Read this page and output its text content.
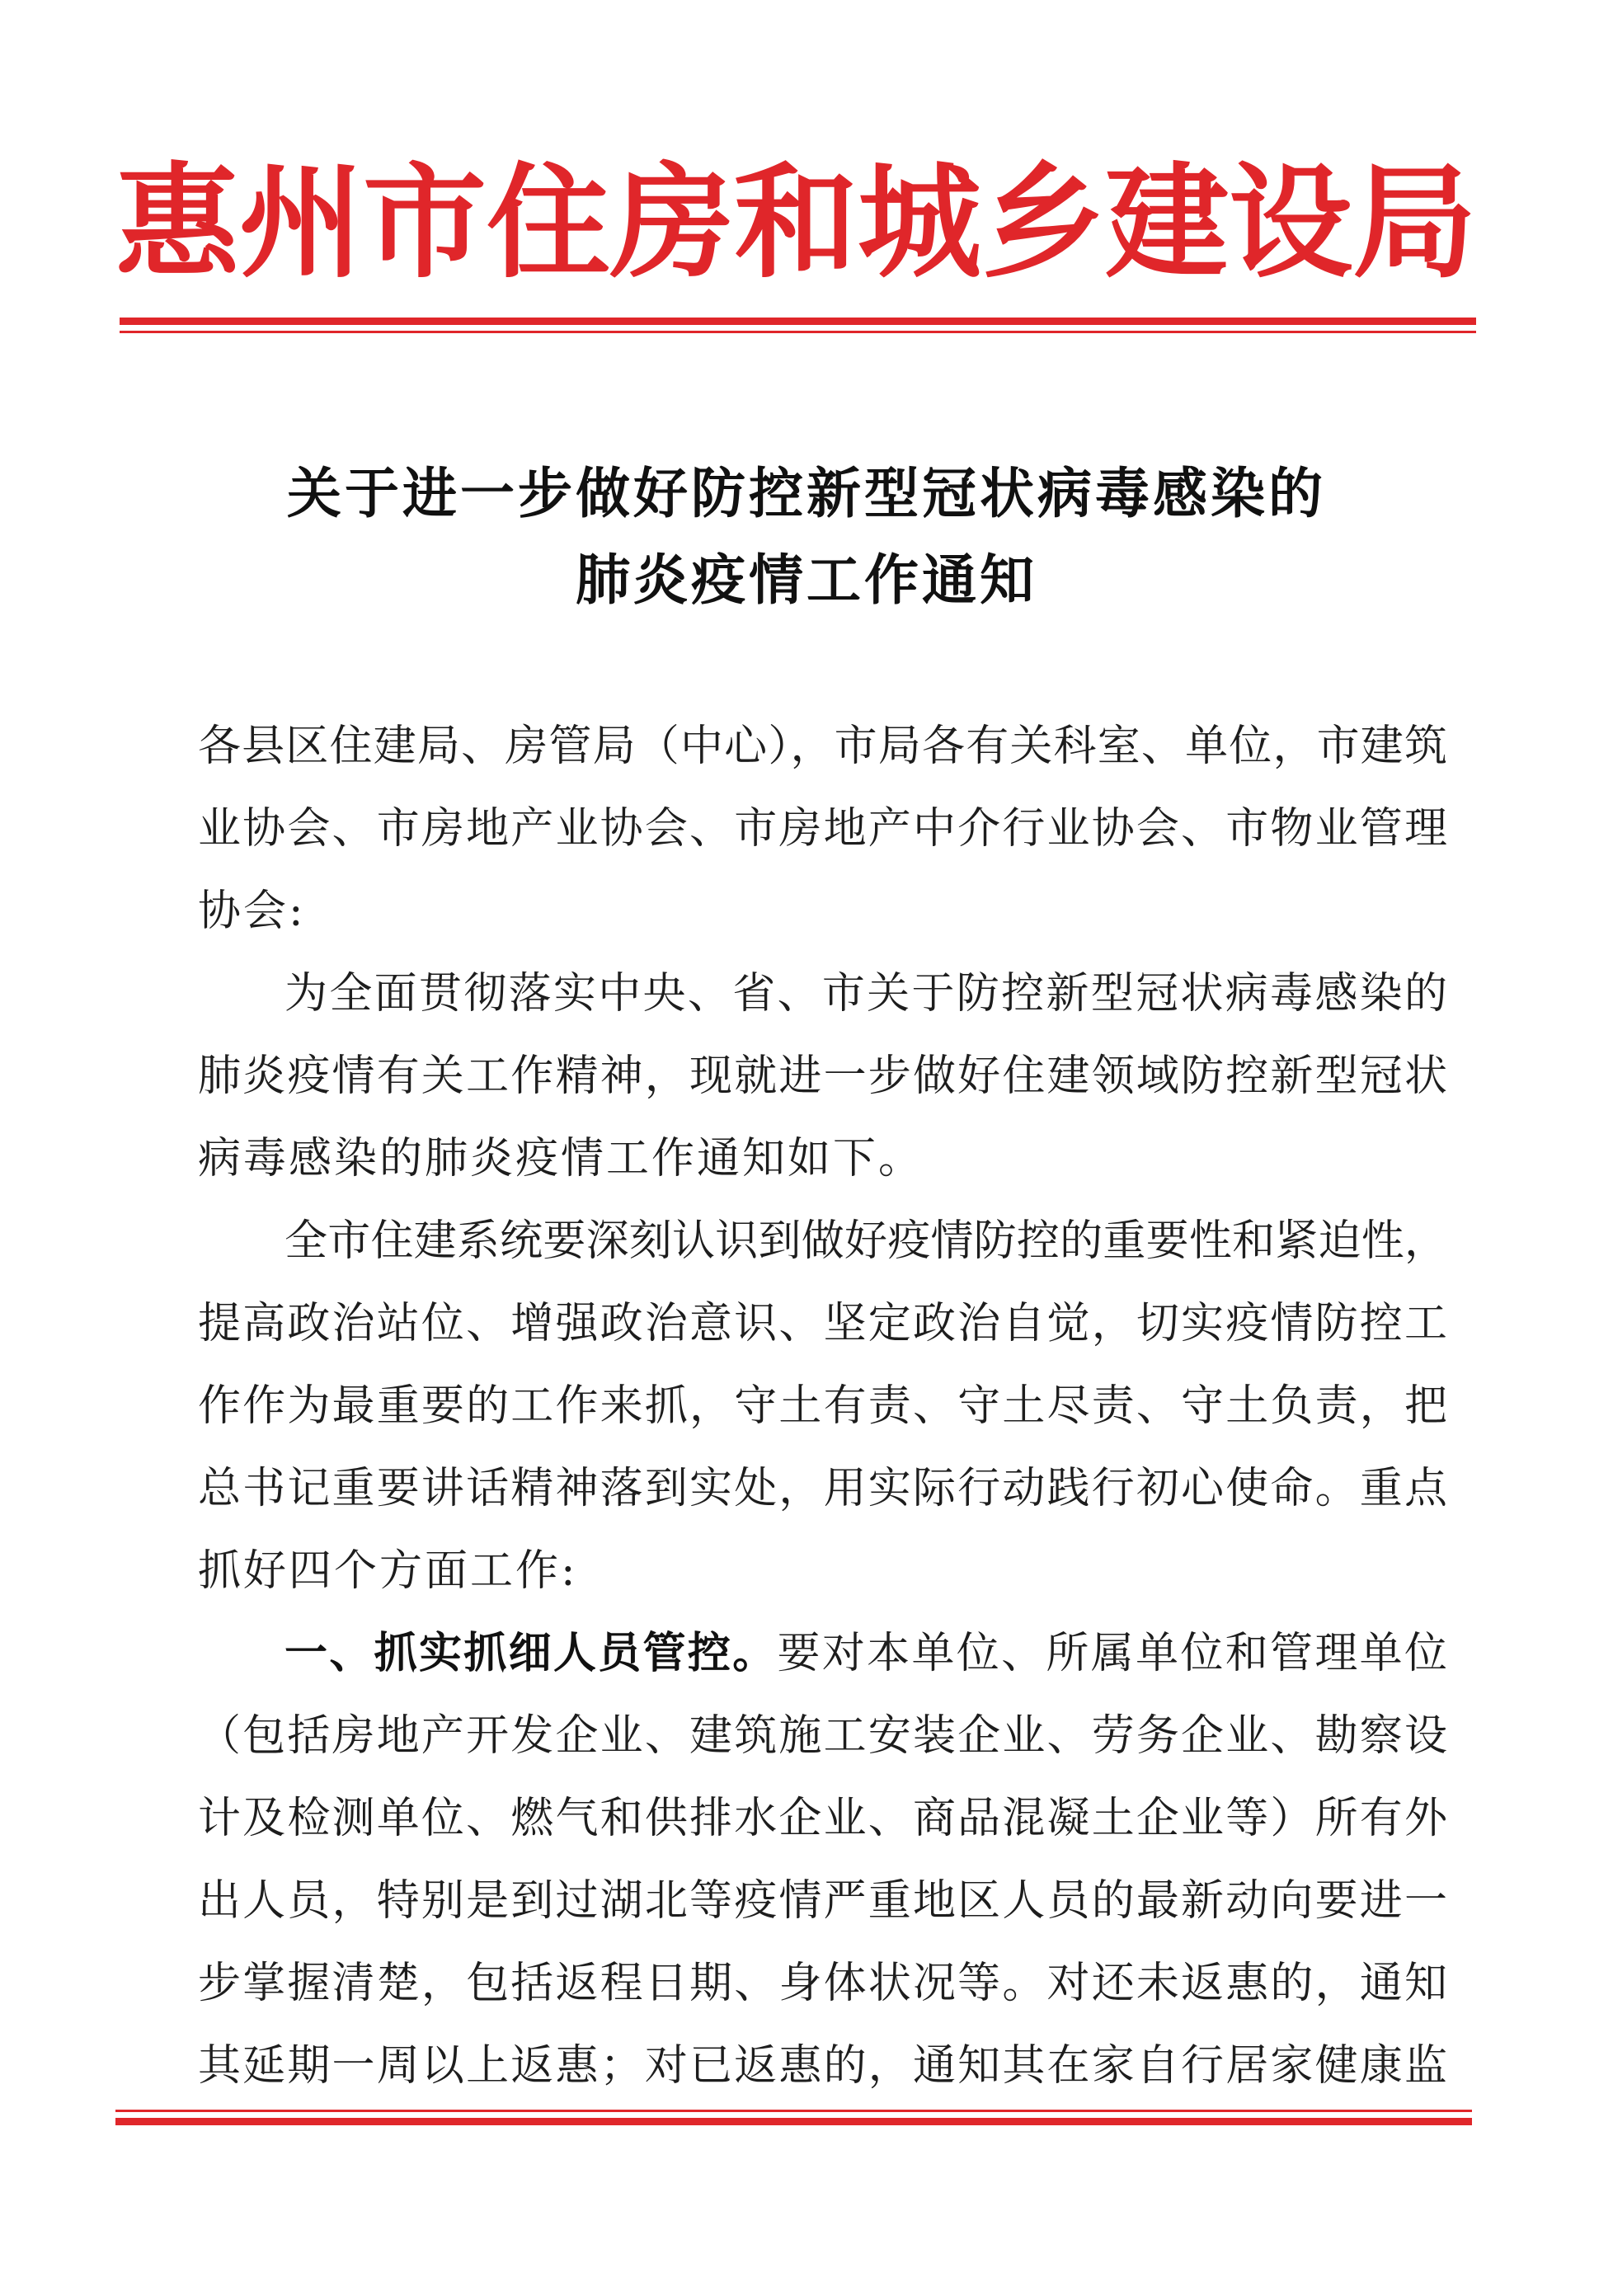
惠 州 市 住 房 和 城 乡 建 设 局
关于进一步做好防控新型冠状病毒感染的
肺炎疫情工作通知
各县区住建局、房管局（中心），市局各有关科室、单位，市建筑
业协会、市房地产业协会、市房地产中介行业协会、市物业管理
协会:
为全面贯彻落实中央、省、市关于防控新型冠状病毒感染的
肺炎疫情有关工作精神，现就进一步做好住建领域防控新型冠状
病毒感染的肺炎疫情工作通知如下。
全市住建系统要深刻认识到做好疫情防控的重要性和紧迫性，
提高政治站位、增强政治意识、坚定政治自觉，切实疫情防控工
作作为最重要的工作来抓，守土有责、守土尽责、守土负责，把
总书记重要讲话精神落到实处，用实际行动践行初心使命。重点
抓好四个方面工作:
一、抓实抓细人员管控。要对本单位、所属单位和管理单位
（包括房地产开发企业、建筑施工安装企业、劳务企业、勘察设
计及检测单位、燃气和供排水企业、商品混凝土企业等）所有外
出人员，特别是到过湖北等疫情严重地区人员的最新动向要进一
步掌握清楚，包括返程日期、身体状况等。对还未返惠的，通知
其延期一周以上返惠；对已返惠的，通知其在家自行居家健康监
